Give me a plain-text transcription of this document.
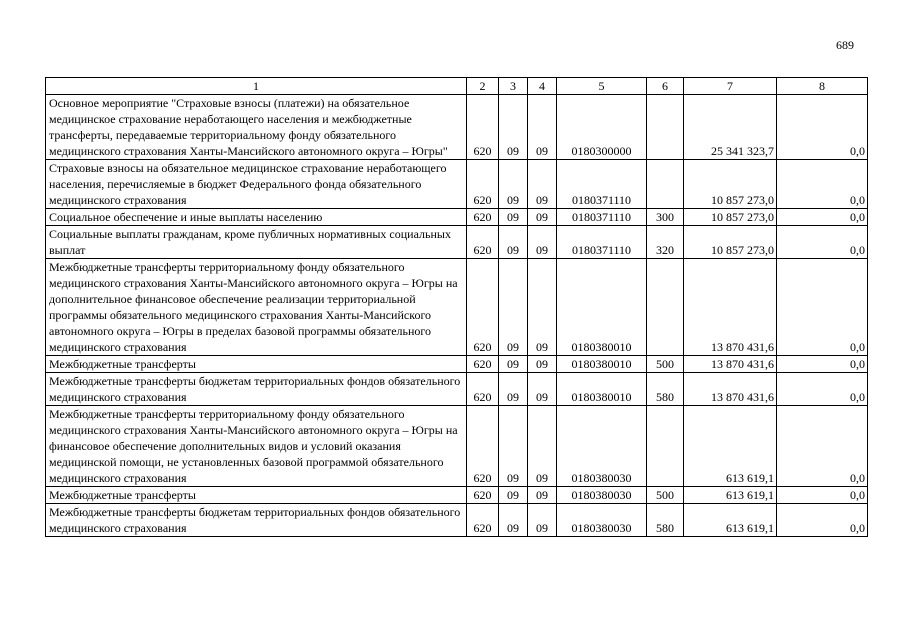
689
1	2	3	4	5	6	7	8
Основное мероприятие "Страховые взносы (платежи) на обязательное медицинское страхование неработающего населения и межбюджетные трансферты, передаваемые территориальному фонду обязательного медицинского страхования Ханты-Мансийского автономного округа – Югры"	620	09	09	0180300000		25 341 323,7	0,0
Страховые взносы на обязательное медицинское страхование неработающего населения, перечисляемые в бюджет Федерального фонда обязательного медицинского страхования	620	09	09	0180371110		10 857 273,0	0,0
Социальное обеспечение и иные выплаты населению	620	09	09	0180371110	300	10 857 273,0	0,0
Социальные выплаты гражданам, кроме публичных нормативных социальных выплат	620	09	09	0180371110	320	10 857 273,0	0,0
Межбюджетные трансферты территориальному фонду обязательного медицинского страхования Ханты-Мансийского автономного округа – Югры на дополнительное финансовое обеспечение реализации территориальной программы обязательного медицинского страхования Ханты-Мансийского автономного округа – Югры в пределах базовой программы обязательного медицинского страхования	620	09	09	0180380010		13 870 431,6	0,0
Межбюджетные трансферты	620	09	09	0180380010	500	13 870 431,6	0,0
Межбюджетные трансферты бюджетам территориальных фондов обязательного медицинского страхования	620	09	09	0180380010	580	13 870 431,6	0,0
Межбюджетные трансферты территориальному фонду обязательного медицинского страхования Ханты-Мансийского автономного округа – Югры на финансовое обеспечение дополнительных видов и условий оказания медицинской помощи, не установленных базовой программой обязательного медицинского страхования	620	09	09	0180380030		613 619,1	0,0
Межбюджетные трансферты	620	09	09	0180380030	500	613 619,1	0,0
Межбюджетные трансферты бюджетам территориальных фондов обязательного медицинского страхования	620	09	09	0180380030	580	613 619,1	0,0
